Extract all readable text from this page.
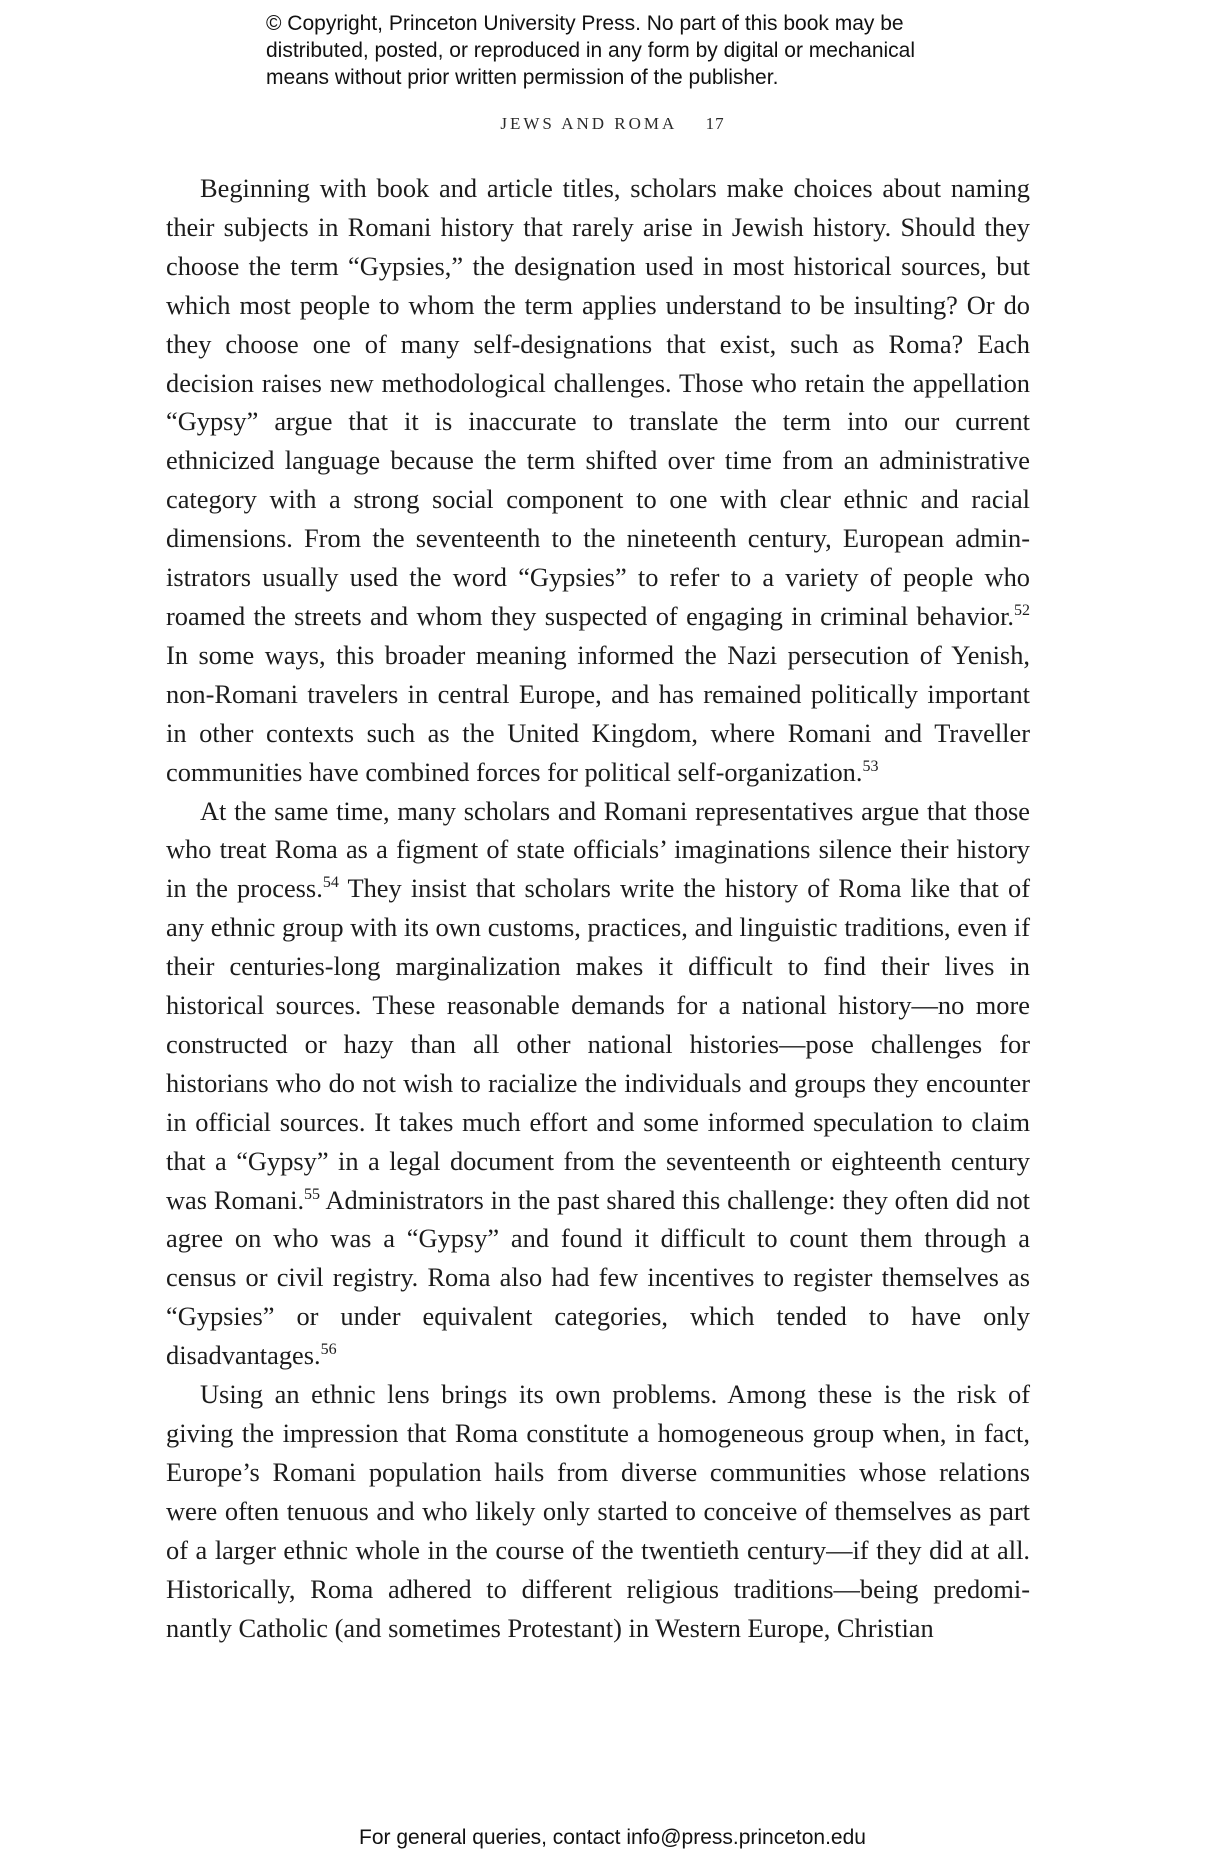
© Copyright, Princeton University Press. No part of this book may be

distributed, posted, or reproduced in any form by digital or mechanical

means without prior written permission of the publisher.

JEWS AND ROMA 17

Beginning with book and article titles, scholars make choices about naming their subjects in Romani history that rarely arise in Jewish history. Should they choose the term “Gypsies,” the designation used in most historical sources, but which most people to whom the term applies understand to be insulting? Or do they choose one of many self-designations that exist, such as Roma? Each decision raises new methodological challenges. Those who retain the appellation “Gypsy” argue that it is inaccurate to translate the term into our current ethnicized language because the term shifted over time from an administrative category with a strong social component to one with clear ethnic and racial dimensions. From the seventeenth to the nineteenth century, European administrators usually used the word “Gypsies” to refer to a variety of people who roamed the streets and whom they suspected of engaging in criminal behavior.$^{52}$ In some ways, this broader meaning informed the Nazi persecution of Yenish, non-Romani travelers in central Europe, and has remained politically important in other contexts such as the United Kingdom, where Romani and Traveller communities have combined forces for political self-organization.$^{53}$

At the same time, many scholars and Romani representatives argue that those who treat Roma as a figment of state officials’ imaginations silence their history in the process.$^{54}$ They insist that scholars write the history of Roma like that of any ethnic group with its own customs, practices, and linguistic traditions, even if their centuries-long marginalization makes it difficult to find their lives in historical sources. These reasonable demands for a national history—no more constructed or hazy than all other national histories—pose challenges for historians who do not wish to racialize the individuals and groups they encounter in official sources. It takes much effort and some informed speculation to claim that a “Gypsy” in a legal document from the seventeenth or eighteenth century was Romani.$^{55}$ Administrators in the past shared this challenge: they often did not agree on who was a “Gypsy” and found it difficult to count them through a census or civil registry. Roma also had few incentives to register themselves as “Gypsies” or under equivalent categories, which tended to have only disadvantages.$^{56}$

Using an ethnic lens brings its own problems. Among these is the risk of giving the impression that Roma constitute a homogeneous group when, in fact, Europe’s Romani population hails from diverse communities whose relations were often tenuous and who likely only started to conceive of themselves as part of a larger ethnic whole in the course of the twentieth century—if they did at all. Historically, Roma adhered to different religious traditions—being predominantly Catholic (and sometimes Protestant) in Western Europe, Christian

For general queries, contact info@press.princeton.edu
